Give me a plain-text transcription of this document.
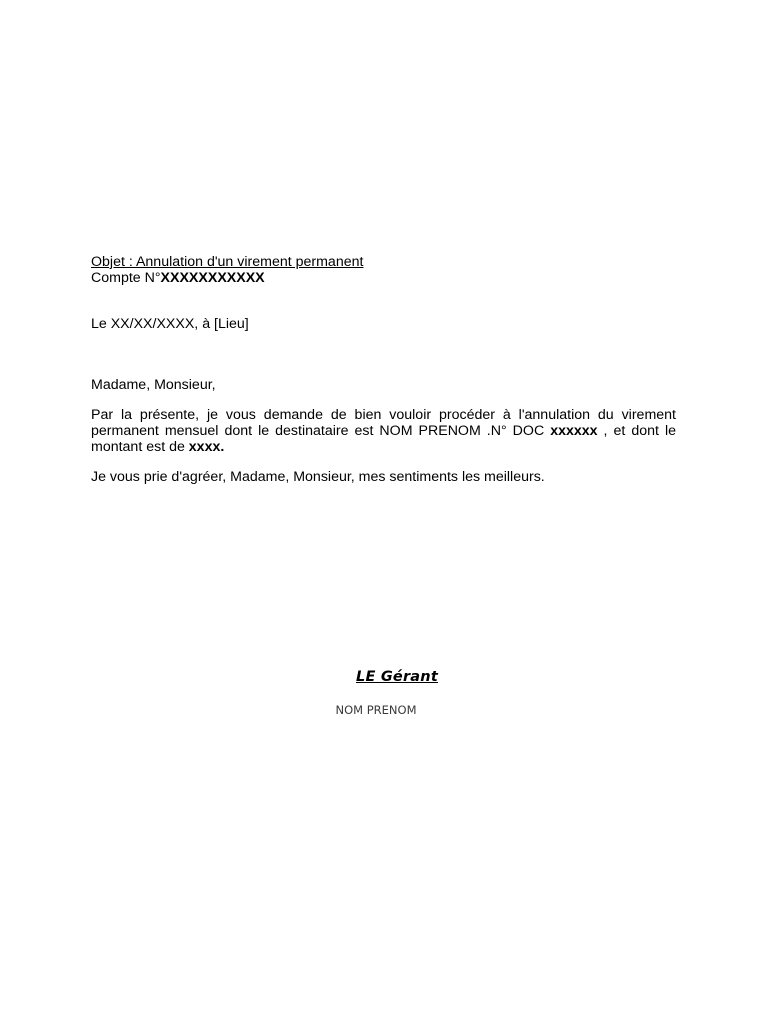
Objet : Annulation d'un virement permanent
Compte N°XXXXXXXXXXX
Le XX/XX/XXXX, à [Lieu]
Madame, Monsieur,
Par la présente, je vous demande de bien vouloir procéder à l'annulation du virement permanent mensuel dont le destinataire est NOM PRENOM .N° DOC xxxxxx , et dont le montant est de xxxx.
Je vous prie d'agréer, Madame, Monsieur, mes sentiments les meilleurs.
LE Gérant
NOM PRENOM
